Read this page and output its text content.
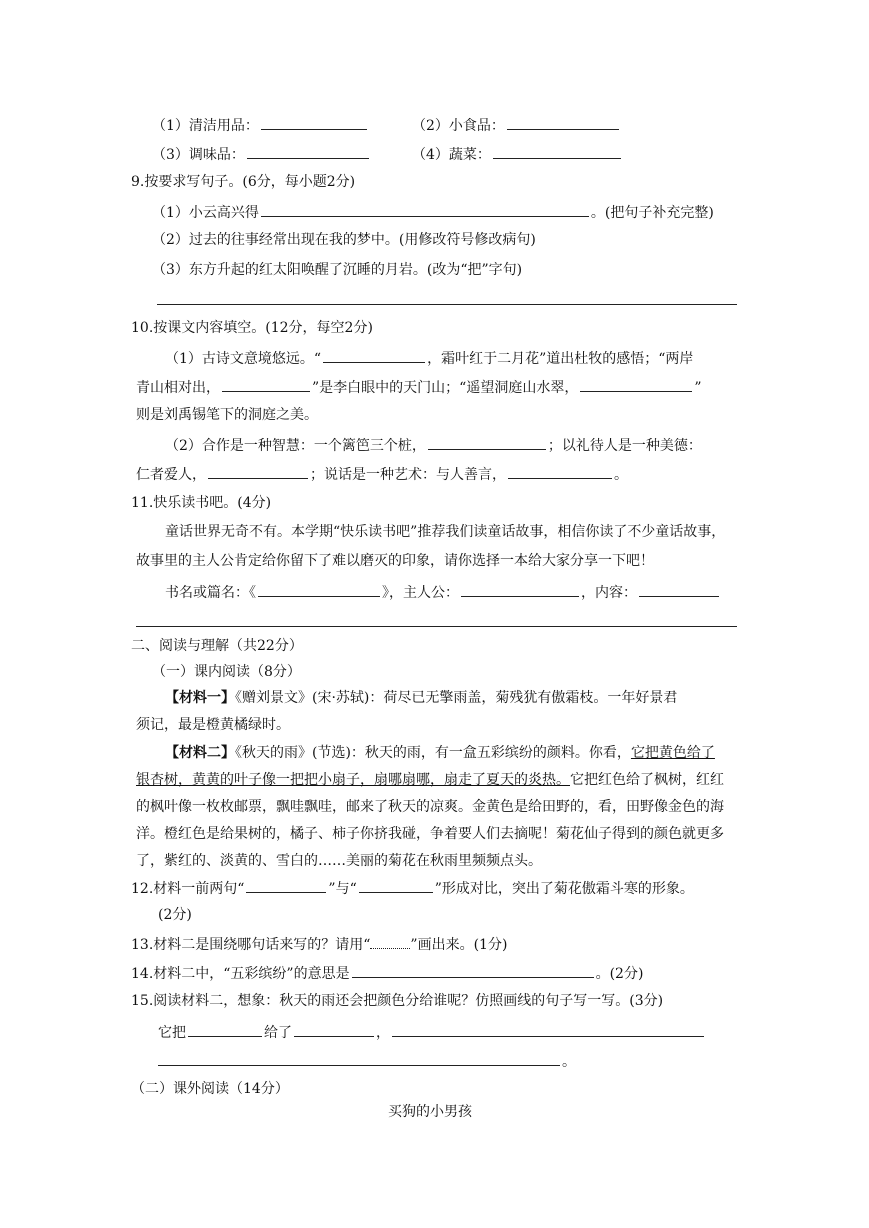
（1）清洁用品：	（2）小食品：
（3）调味品：	（4）蔬菜：
9.按要求写句子。(6分，每小题2分)
（1）小云高兴得	。(把句子补充完整)
（2）过去的往事经常出现在我的梦中。(用修改符号修改病句)
（3）东方升起的红太阳唤醒了沉睡的月岩。(改为“把”字句)
10.按课文内容填空。(12分，每空2分)
（1）古诗文意境悠远。“	，霜叶红于二月花”道出杜牧的感悟；“两岸
青山相对出，	”是李白眼中的天门山；“遥望洞庭山水翠，	”
则是刘禹锡笔下的洞庭之美。
（2）合作是一种智慧：一个篱笆三个桩，	；以礼待人是一种美德：
仁者爱人，	；说话是一种艺术：与人善言，	。
11.快乐读书吧。(4分)
童话世界无奇不有。本学期“快乐读书吧”推荐我们读童话故事，相信你读了不少童话故事，
故事里的主人公肯定给你留下了难以磨灭的印象，请你选择一本给大家分享一下吧！
书名或篇名：《	》，主人公：	，内容：
二、阅读与理解（共22分）
（一）课内阅读（8分）
【材料一】《赠刘景文》(宋·苏轼)：荷尽已无擎雨盖，菊残犹有傲霜枝。一年好景君
须记，最是橙黄橘绿时。
【材料二】《秋天的雨》(节选)：秋天的雨，有一盒五彩缤纷的颜料。你看，它把黄色给了
银杏树，黄黄的叶子像一把把小扇子，扇哪扇哪，扇走了夏天的炎热。它把红色给了枫树，红红
的枫叶像一枚枚邮票，飘哇飘哇，邮来了秋天的凉爽。金黄色是给田野的，看，田野像金色的海
洋。橙红色是给果树的，橘子、柿子你挤我碰，争着要人们去摘呢！菊花仙子得到的颜色就更多
了，紫红的、淡黄的、雪白的……美丽的菊花在秋雨里频频点头。
12.材料一前两句“	”与“	”形成对比，突出了菊花傲霜斗寒的形象。
(2分)
13.材料二是围绕哪句话来写的？请用“	”画出来。(1分)
14.材料二中，“五彩缤纷”的意思是	。(2分)
15.阅读材料二，想象：秋天的雨还会把颜色分给谁呢？仿照画线的句子写一写。(3分)
它把	给了	，
。
（二）课外阅读（14分）
买狗的小男孩
